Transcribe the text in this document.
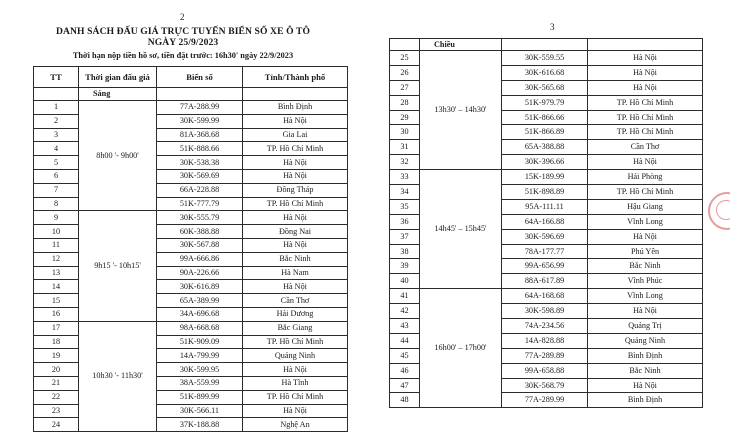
2
DANH SÁCH ĐẤU GIÁ TRỰC TUYẾN BIỂN SỐ XE Ô TÔ
NGÀY 25/9/2023
Thời hạn nộp tiền hồ sơ, tiền đặt trước: 16h30' ngày 22/9/2023
TT	Thời gian đấu giá	Biển số	Tỉnh/Thành phố
	Sáng		
1	8h00 '- 9h00'	77A-288.99	Bình Định
2		30K-599.99	Hà Nội
3		81A-368.68	Gia Lai
4		51K-888.66	TP. Hồ Chí Minh
5		30K-538.38	Hà Nội
6		30K-569.69	Hà Nội
7		66A-228.88	Đồng Tháp
8		51K-777.79	TP. Hồ Chí Minh
9	9h15 '- 10h15'	30K-555.79	Hà Nội
10		60K-388.88	Đồng Nai
11		30K-567.88	Hà Nội
12		99A-666.86	Bắc Ninh
13		90A-226.66	Hà Nam
14		30K-616.89	Hà Nội
15		65A-389.99	Cần Thơ
16		34A-696.68	Hải Dương
17	10h30 '- 11h30'	98A-668.68	Bắc Giang
18		51K-909.09	TP. Hồ Chí Minh
19		14A-799.99	Quảng Ninh
20		30K-599.95	Hà Nội
21		38A-559.99	Hà Tĩnh
22		51K-899.99	TP. Hồ Chí Minh
23		30K-566.11	Hà Nội
24		37K-188.88	Nghệ An
3
	Chiều		
25	13h30' – 14h30'	30K-559.55	Hà Nội
26		30K-616.68	Hà Nội
27		30K-565.68	Hà Nội
28		51K-979.79	TP. Hồ Chí Minh
29		51K-866.66	TP. Hồ Chí Minh
30		51K-866.89	TP. Hồ Chí Minh
31		65A-388.88	Cần Thơ
32		30K-396.66	Hà Nội
33	14h45' – 15h45'	15K-189.99	Hải Phòng
34		51K-898.89	TP. Hồ Chí Minh
35		95A-111.11	Hậu Giang
36		64A-166.88	Vĩnh Long
37		30K-596.69	Hà Nội
38		78A-177.77	Phú Yên
39		99A-656.99	Bắc Ninh
40		88A-617.89	Vĩnh Phúc
41	16h00' – 17h00'	64A-168.68	Vĩnh Long
42		30K-598.89	Hà Nội
43		74A-234.56	Quảng Trị
44		14A-828.88	Quảng Ninh
45		77A-289.89	Bình Định
46		99A-658.88	Bắc Ninh
47		30K-568.79	Hà Nội
48		77A-289.99	Bình Định
